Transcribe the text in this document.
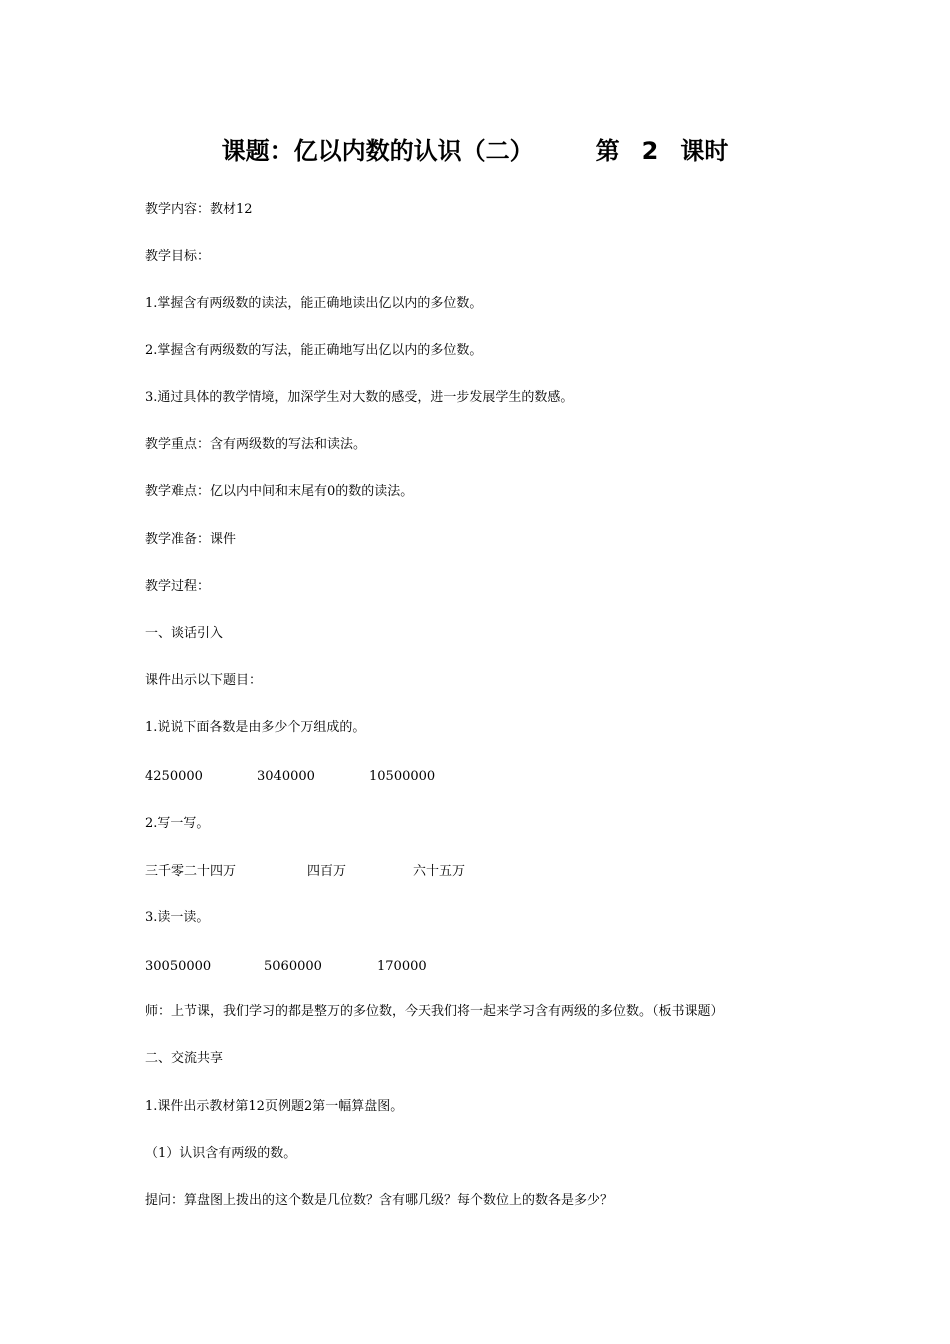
课题：亿以内数的认识（二）	第 2 课时
教学内容：教材12
教学目标：
1.掌握含有两级数的读法，能正确地读出亿以内的多位数。
2.掌握含有两级数的写法，能正确地写出亿以内的多位数。
3.通过具体的教学情境，加深学生对大数的感受，进一步发展学生的数感。
教学重点：含有两级数的写法和读法。
教学难点：亿以内中间和末尾有0的数的读法。
教学准备：课件
教学过程：
一、谈话引入
课件出示以下题目：
1.说说下面各数是由多少个万组成的。
4250000	3040000	10500000
2.写一写。
三千零二十四万	四百万	六十五万
3.读一读。
30050000	5060000	170000
师：上节课，我们学习的都是整万的多位数，今天我们将一起来学习含有两级的多位数。（板书课题）
二、交流共享
1.课件出示教材第12页例题2第一幅算盘图。
（1）认识含有两级的数。
提问：算盘图上拨出的这个数是几位数？含有哪几级？每个数位上的数各是多少？
